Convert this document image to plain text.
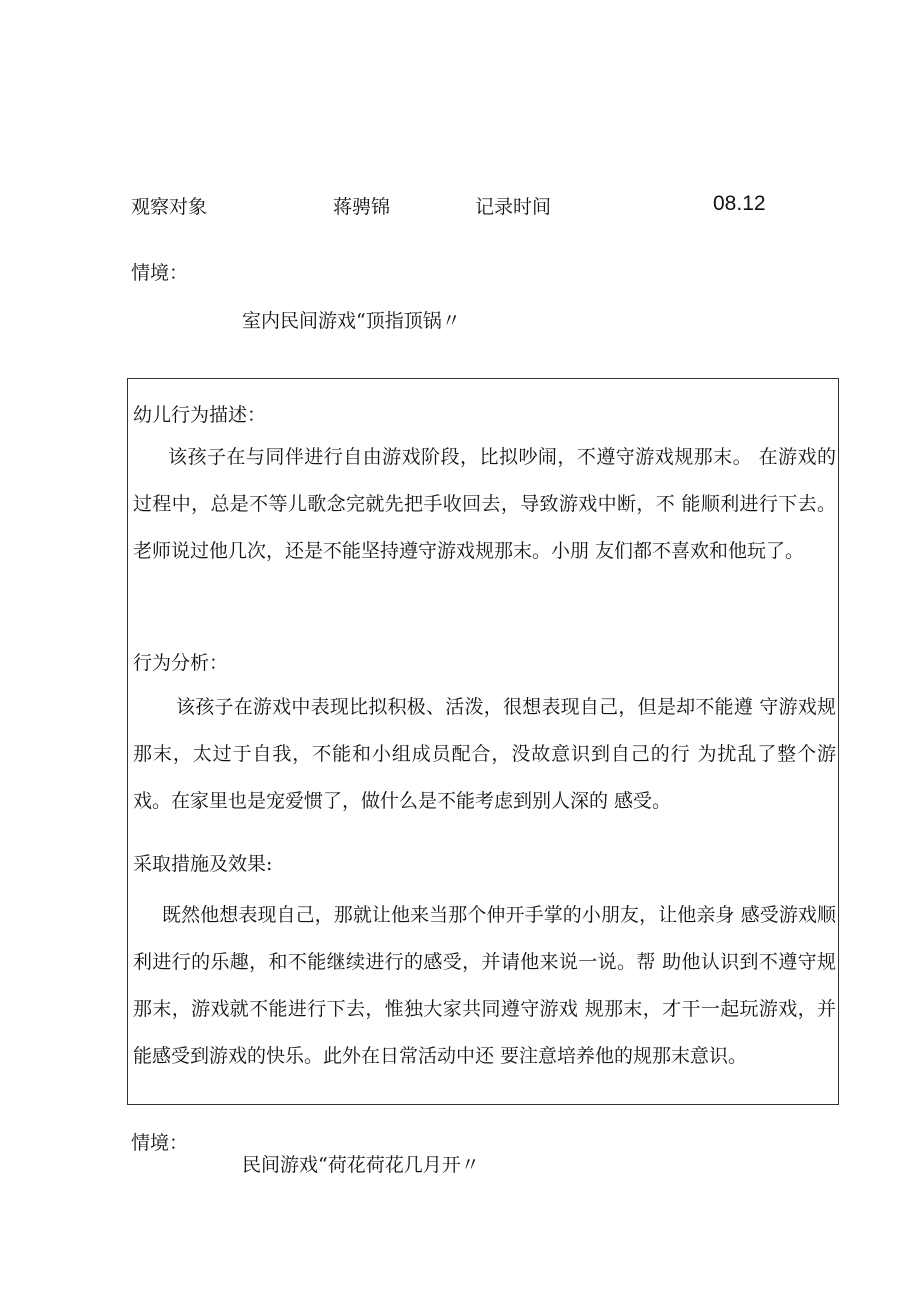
观察对象	蒋骋锦	记录时间	08.12
情境：
室内民间游戏“顶指顶锅〃
幼儿行为描述：
该孩子在与同伴进行自由游戏阶段，比拟吵闹，不遵守游戏规那末。 在游戏的过程中，总是不等儿歌念完就先把手收回去，导致游戏中断，不 能顺利进行下去。老师说过他几次，还是不能坚持遵守游戏规那末。小朋 友们都不喜欢和他玩了。
行为分析：
该孩子在游戏中表现比拟积极、活泼，很想表现自己，但是却不能遵 守游戏规那末，太过于自我，不能和小组成员配合，没故意识到自己的行 为扰乱了整个游戏。在家里也是宠爱惯了，做什么是不能考虑到别人深的 感受。
采取措施及效果:
既然他想表现自己，那就让他来当那个伸开手掌的小朋友，让他亲身 感受游戏顺利进行的乐趣，和不能继续进行的感受，并请他来说一说。帮 助他认识到不遵守规那末，游戏就不能进行下去，惟独大家共同遵守游戏 规那末，才干一起玩游戏，并能感受到游戏的快乐。此外在日常活动中还 要注意培养他的规那末意识。
情境：
民间游戏“荷花荷花几月开〃
